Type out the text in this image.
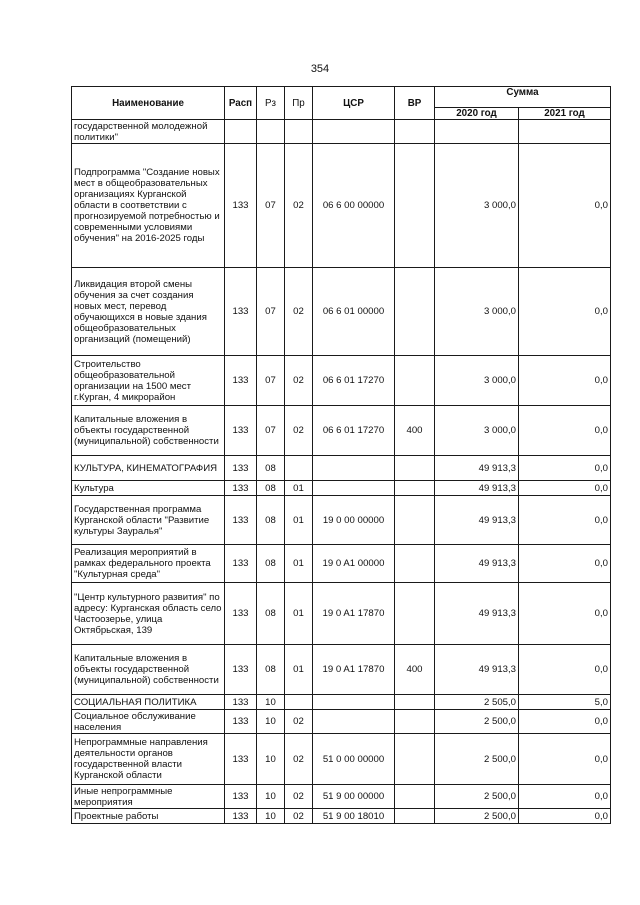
354
Наименование	Расп	Рз	Пр	ЦСР	ВР	Сумма	
						2020 год	2021 год
государственной молодежной политики"							
Подпрограмма "Создание новых мест в общеобразовательных организациях Курганской области в соответствии с прогнозируемой потребностью и современными условиями обучения" на 2016-2025 годы	133	07	02	06 6 00 00000		3 000,0	0,0
Ликвидация второй смены обучения за счет создания новых мест, перевод обучающихся в новые здания общеобразовательных организаций (помещений)	133	07	02	06 6 01 00000		3 000,0	0,0
Строительство общеобразовательной организации на 1500 мест г.Курган, 4 микрорайон	133	07	02	06 6 01 17270		3 000,0	0,0
Капитальные вложения в объекты государственной (муниципальной) собственности	133	07	02	06 6 01 17270	400	3 000,0	0,0
КУЛЬТУРА, КИНЕМАТОГРАФИЯ	133	08				49 913,3	0,0
Культура	133	08	01			49 913,3	0,0
Государственная программа Курганской области "Развитие культуры Зауралья"	133	08	01	19 0 00 00000		49 913,3	0,0
Реализация мероприятий в рамках федерального проекта "Культурная среда"	133	08	01	19 0 A1 00000		49 913,3	0,0
"Центр культурного развития" по адресу: Курганская область село Частоозерье, улица Октябрьская, 139	133	08	01	19 0 A1 17870		49 913,3	0,0
Капитальные вложения в объекты государственной (муниципальной) собственности	133	08	01	19 0 A1 17870	400	49 913,3	0,0
СОЦИАЛЬНАЯ ПОЛИТИКА	133	10				2 505,0	5,0
Социальное обслуживание населения	133	10	02			2 500,0	0,0
Непрограммные направления деятельности органов государственной власти Курганской области	133	10	02	51 0 00 00000		2 500,0	0,0
Иные непрограммные мероприятия	133	10	02	51 9 00 00000		2 500,0	0,0
Проектные работы	133	10	02	51 9 00 18010		2 500,0	0,0
